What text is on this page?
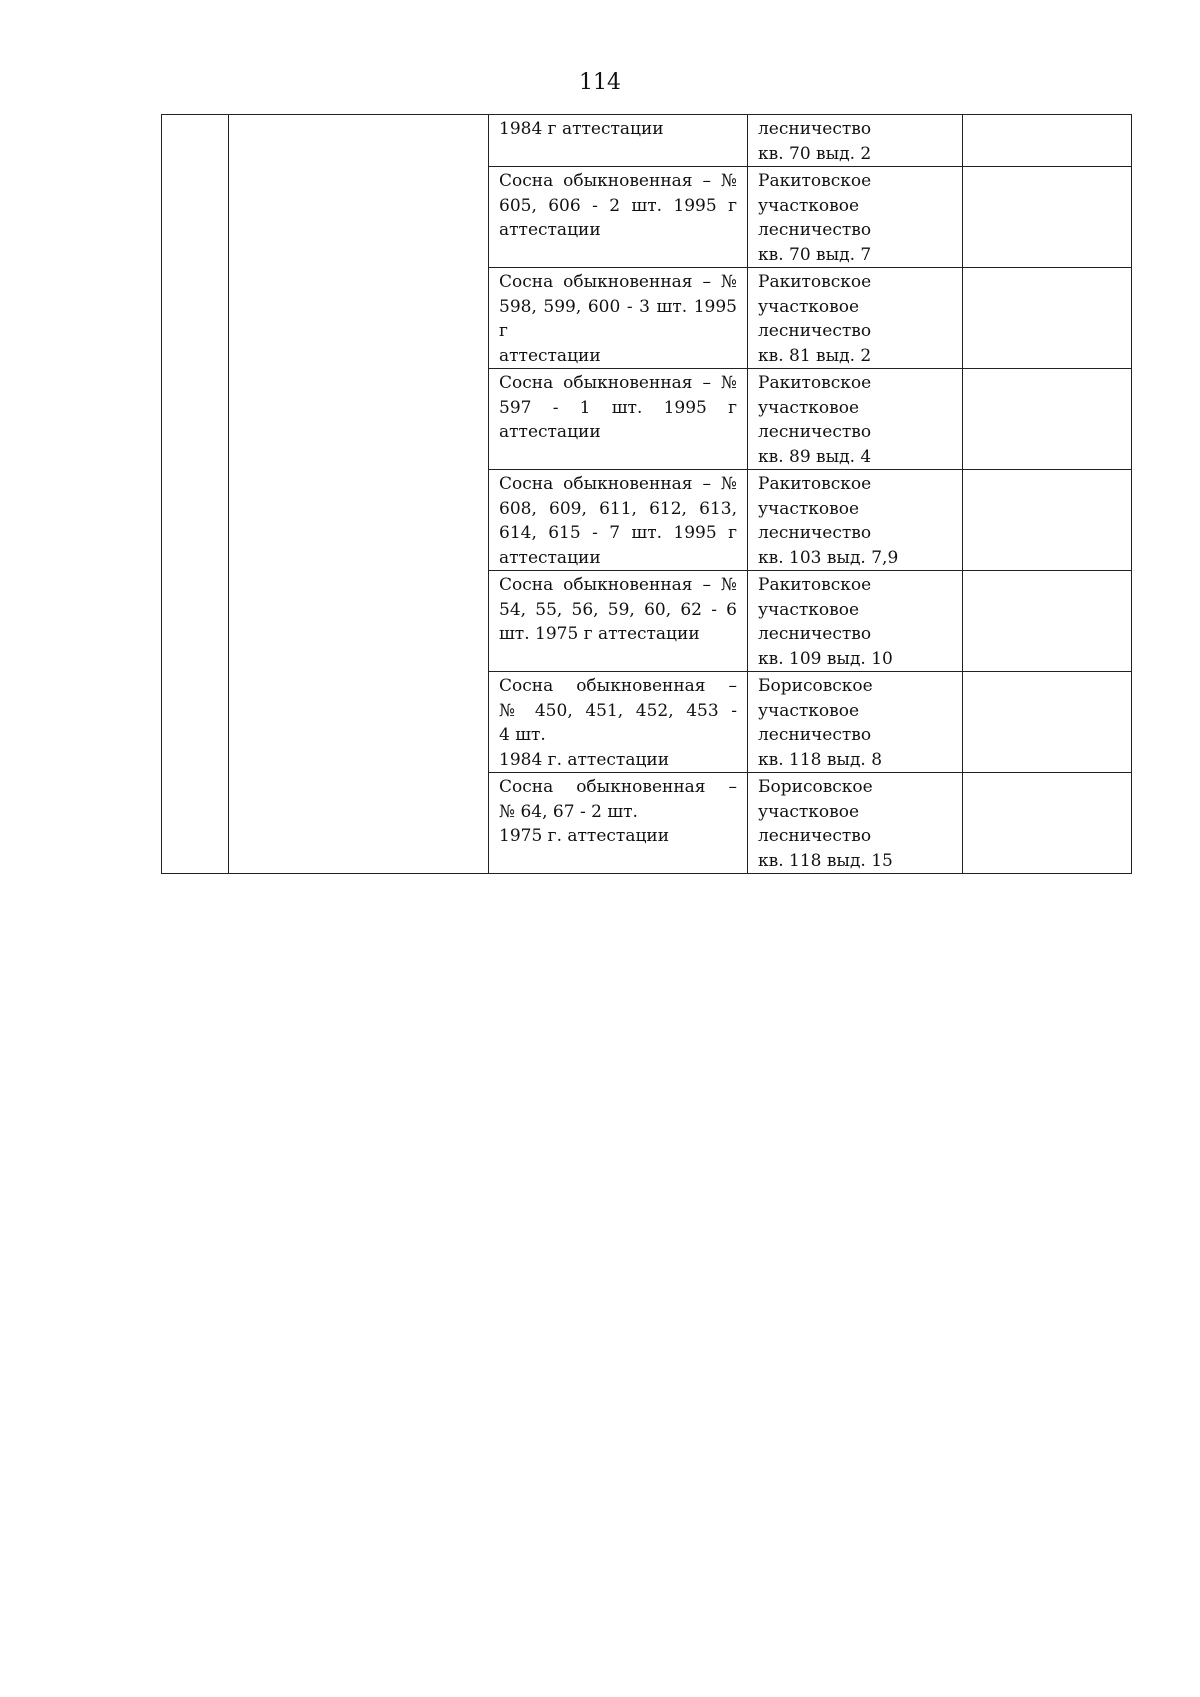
114

		1984 г аттестации	лесничество
кв. 70 выд. 2	

		Сосна обыкновенная – №
605, 606 - 2 шт. 1995 г
аттестации	Ракитовское
участковое
лесничество
кв. 70 выд. 7	

		Сосна обыкновенная – №
598, 599, 600 - 3 шт. 1995 г
аттестации	Ракитовское
участковое
лесничество
кв. 81 выд. 2	

		Сосна обыкновенная – №
597 - 1 шт. 1995 г
аттестации	Ракитовское
участковое
лесничество
кв. 89 выд. 4	

		Сосна обыкновенная – №
608, 609, 611, 612, 613,
614, 615 - 7 шт. 1995 г
аттестации	Ракитовское
участковое
лесничество
кв. 103 выд. 7,9	

		Сосна обыкновенная – №
54, 55, 56, 59, 60, 62 - 6
шт. 1975 г аттестации	Ракитовское
участковое
лесничество
кв. 109 выд. 10	

		Сосна обыкновенная –
№ 450, 451, 452, 453 -
4 шт.
1984 г. аттестации	Борисовское
участковое
лесничество
кв. 118 выд. 8	

		Сосна обыкновенная –
№ 64, 67 - 2 шт.
1975 г. аттестации	Борисовское
участковое
лесничество
кв. 118 выд. 15	
